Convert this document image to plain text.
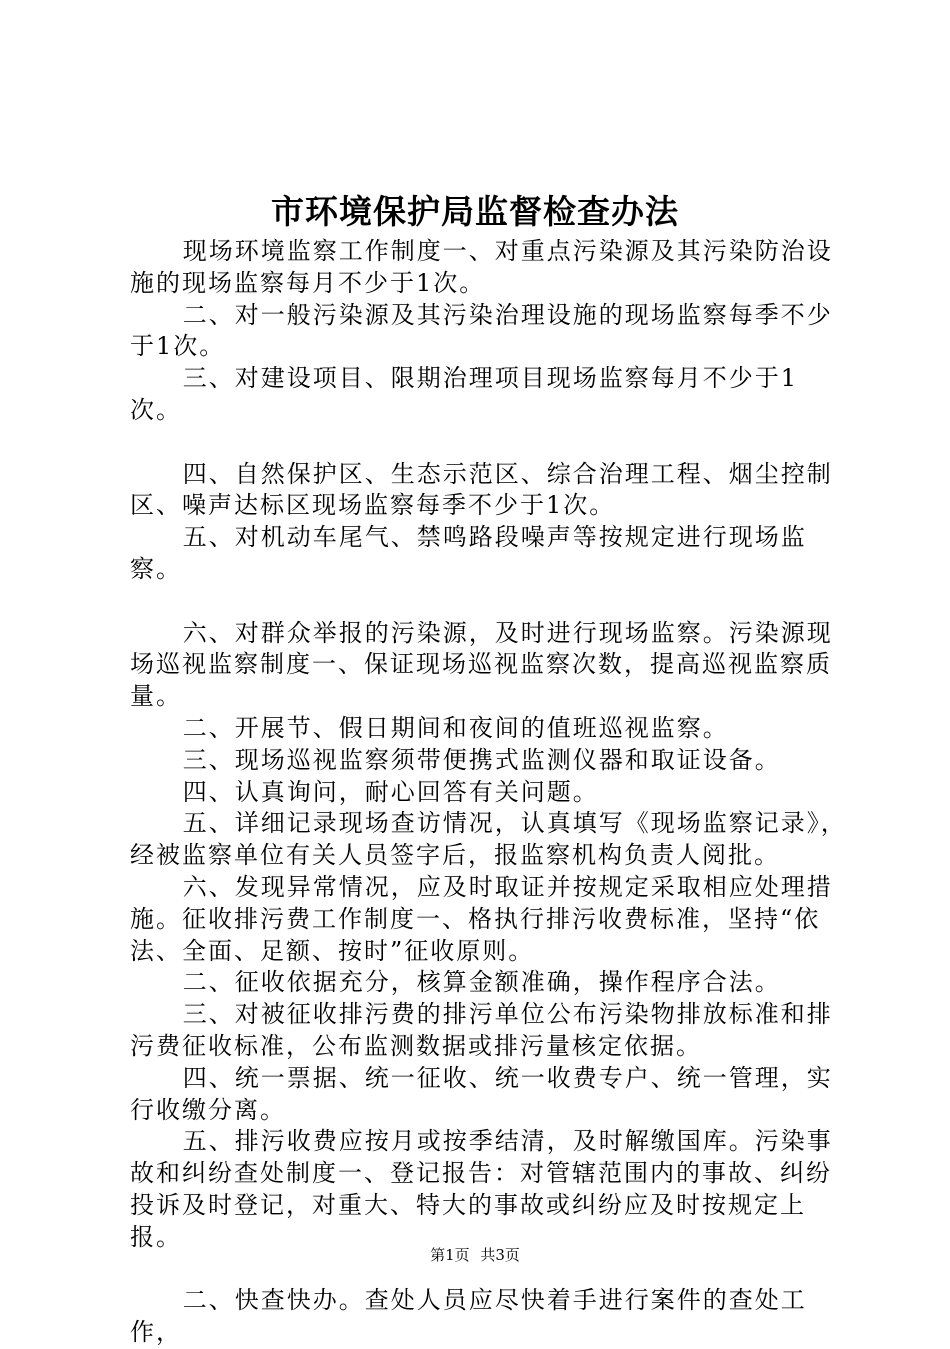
市环境保护局监督检查办法

现场环境监察工作制度一、对重点污染源及其污染防治设施的现场监察每月不少于1次。

二、对一般污染源及其污染治理设施的现场监察每季不少于1次。

三、对建设项目、限期治理项目现场监察每月不少于1次。

四、自然保护区、生态示范区、综合治理工程、烟尘控制区、噪声达标区现场监察每季不少于1次。

五、对机动车尾气、禁鸣路段噪声等按规定进行现场监察。

六、对群众举报的污染源，及时进行现场监察。污染源现场巡视监察制度一、保证现场巡视监察次数，提高巡视监察质量。

二、开展节、假日期间和夜间的值班巡视监察。

三、现场巡视监察须带便携式监测仪器和取证设备。

四、认真询问，耐心回答有关问题。

五、详细记录现场查访情况，认真填写《现场监察记录》，经被监察单位有关人员签字后，报监察机构负责人阅批。

六、发现异常情况，应及时取证并按规定采取相应处理措施。征收排污费工作制度一、格执行排污收费标准，坚持“依法、全面、足额、按时”征收原则。

二、征收依据充分，核算金额准确，操作程序合法。

三、对被征收排污费的排污单位公布污染物排放标准和排污费征收标准，公布监测数据或排污量核定依据。

四、统一票据、统一征收、统一收费专户、统一管理，实行收缴分离。

五、排污收费应按月或按季结清，及时解缴国库。污染事故和纠纷查处制度一、登记报告：对管辖范围内的事故、纠纷投诉及时登记，对重大、特大的事故或纠纷应及时按规定上报。

二、快查快办。查处人员应尽快着手进行案件的查处工作，

第1页 共3页
